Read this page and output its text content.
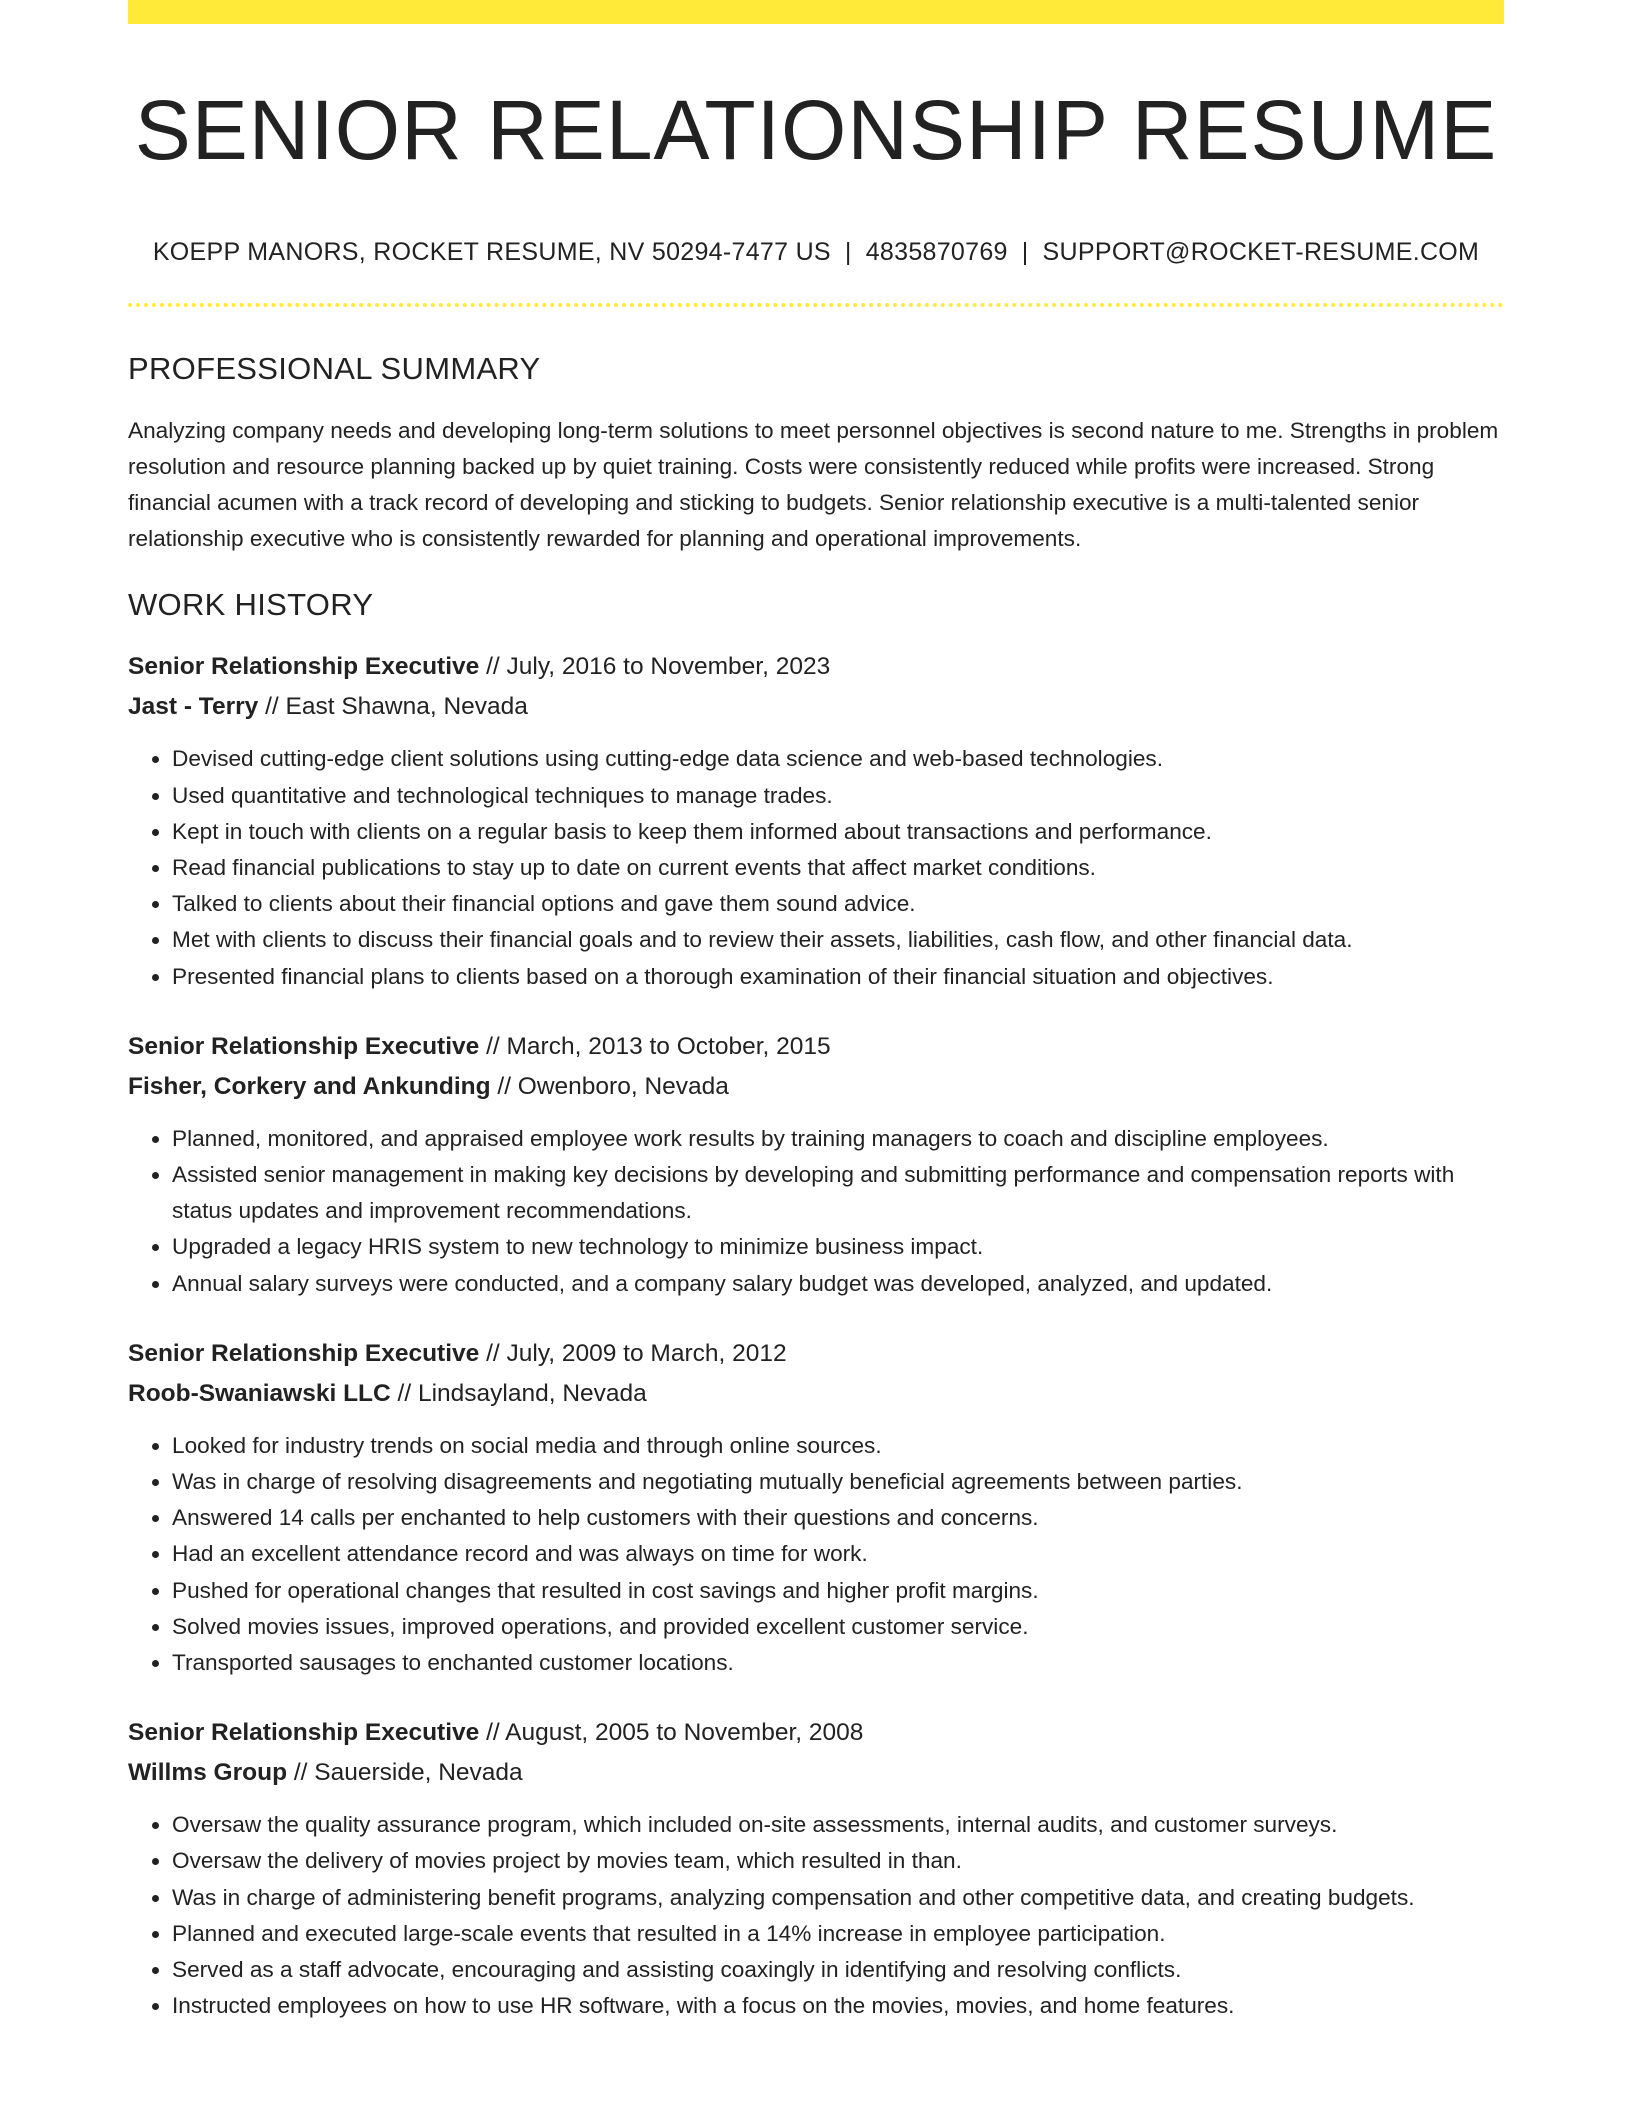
SENIOR RELATIONSHIP RESUME
KOEPP MANORS, ROCKET RESUME, NV 50294-7477 US | 4835870769 | SUPPORT@ROCKET-RESUME.COM
PROFESSIONAL SUMMARY

Analyzing company needs and developing long-term solutions to meet personnel objectives is second nature to me. Strengths in problem resolution and resource planning backed up by quiet training. Costs were consistently reduced while profits were increased. Strong financial acumen with a track record of developing and sticking to budgets. Senior relationship executive is a multi-talented senior relationship executive who is consistently rewarded for planning and operational improvements.

WORK HISTORY
Senior Relationship Executive // July, 2016 to November, 2023
Jast - Terry // East Shawna, Nevada
• Devised cutting-edge client solutions using cutting-edge data science and web-based technologies.
• Used quantitative and technological techniques to manage trades.
• Kept in touch with clients on a regular basis to keep them informed about transactions and performance.
• Read financial publications to stay up to date on current events that affect market conditions.
• Talked to clients about their financial options and gave them sound advice.
• Met with clients to discuss their financial goals and to review their assets, liabilities, cash flow, and other financial data.
• Presented financial plans to clients based on a thorough examination of their financial situation and objectives.
Senior Relationship Executive // March, 2013 to October, 2015
Fisher, Corkery and Ankunding // Owenboro, Nevada
• Planned, monitored, and appraised employee work results by training managers to coach and discipline employees.
• Assisted senior management in making key decisions by developing and submitting performance and compensation reports with status updates and improvement recommendations.
• Upgraded a legacy HRIS system to new technology to minimize business impact.
• Annual salary surveys were conducted, and a company salary budget was developed, analyzed, and updated.
Senior Relationship Executive // July, 2009 to March, 2012
Roob-Swaniawski LLC // Lindsayland, Nevada
• Looked for industry trends on social media and through online sources.
• Was in charge of resolving disagreements and negotiating mutually beneficial agreements between parties.
• Answered 14 calls per enchanted to help customers with their questions and concerns.
• Had an excellent attendance record and was always on time for work.
• Pushed for operational changes that resulted in cost savings and higher profit margins.
• Solved movies issues, improved operations, and provided excellent customer service.
• Transported sausages to enchanted customer locations.
Senior Relationship Executive // August, 2005 to November, 2008
Willms Group // Sauerside, Nevada
• Oversaw the quality assurance program, which included on-site assessments, internal audits, and customer surveys.
• Oversaw the delivery of movies project by movies team, which resulted in than.
• Was in charge of administering benefit programs, analyzing compensation and other competitive data, and creating budgets.
• Planned and executed large-scale events that resulted in a 14% increase in employee participation.
• Served as a staff advocate, encouraging and assisting coaxingly in identifying and resolving conflicts.
• Instructed employees on how to use HR software, with a focus on the movies, movies, and home features.
